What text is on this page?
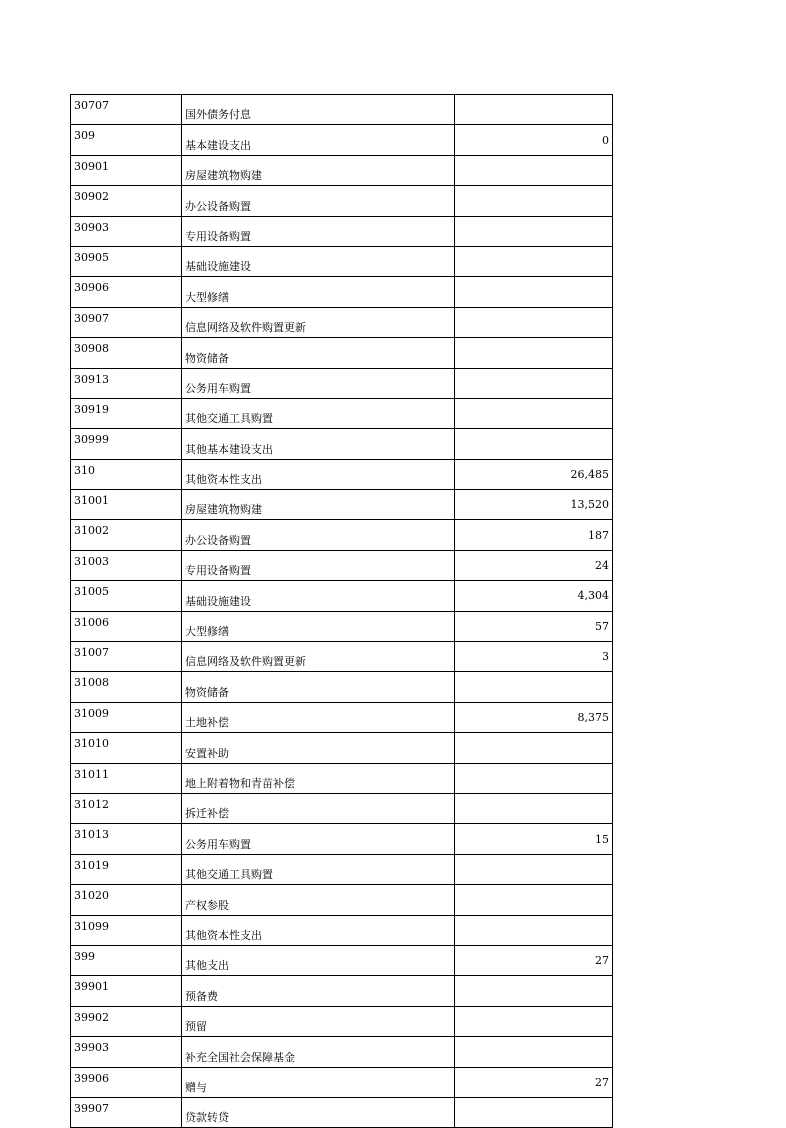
30707	国外债务付息	
309	基本建设支出	0
30901	房屋建筑物购建	
30902	办公设备购置	
30903	专用设备购置	
30905	基础设施建设	
30906	大型修缮	
30907	信息网络及软件购置更新	
30908	物资储备	
30913	公务用车购置	
30919	其他交通工具购置	
30999	其他基本建设支出	
310	其他资本性支出	26,485
31001	房屋建筑物购建	13,520
31002	办公设备购置	187
31003	专用设备购置	24
31005	基础设施建设	4,304
31006	大型修缮	57
31007	信息网络及软件购置更新	3
31008	物资储备	
31009	土地补偿	8,375
31010	安置补助	
31011	地上附着物和青苗补偿	
31012	拆迁补偿	
31013	公务用车购置	15
31019	其他交通工具购置	
31020	产权参股	
31099	其他资本性支出	
399	其他支出	27
39901	预备费	
39902	预留	
39903	补充全国社会保障基金	
39906	赠与	27
39907	贷款转贷	
